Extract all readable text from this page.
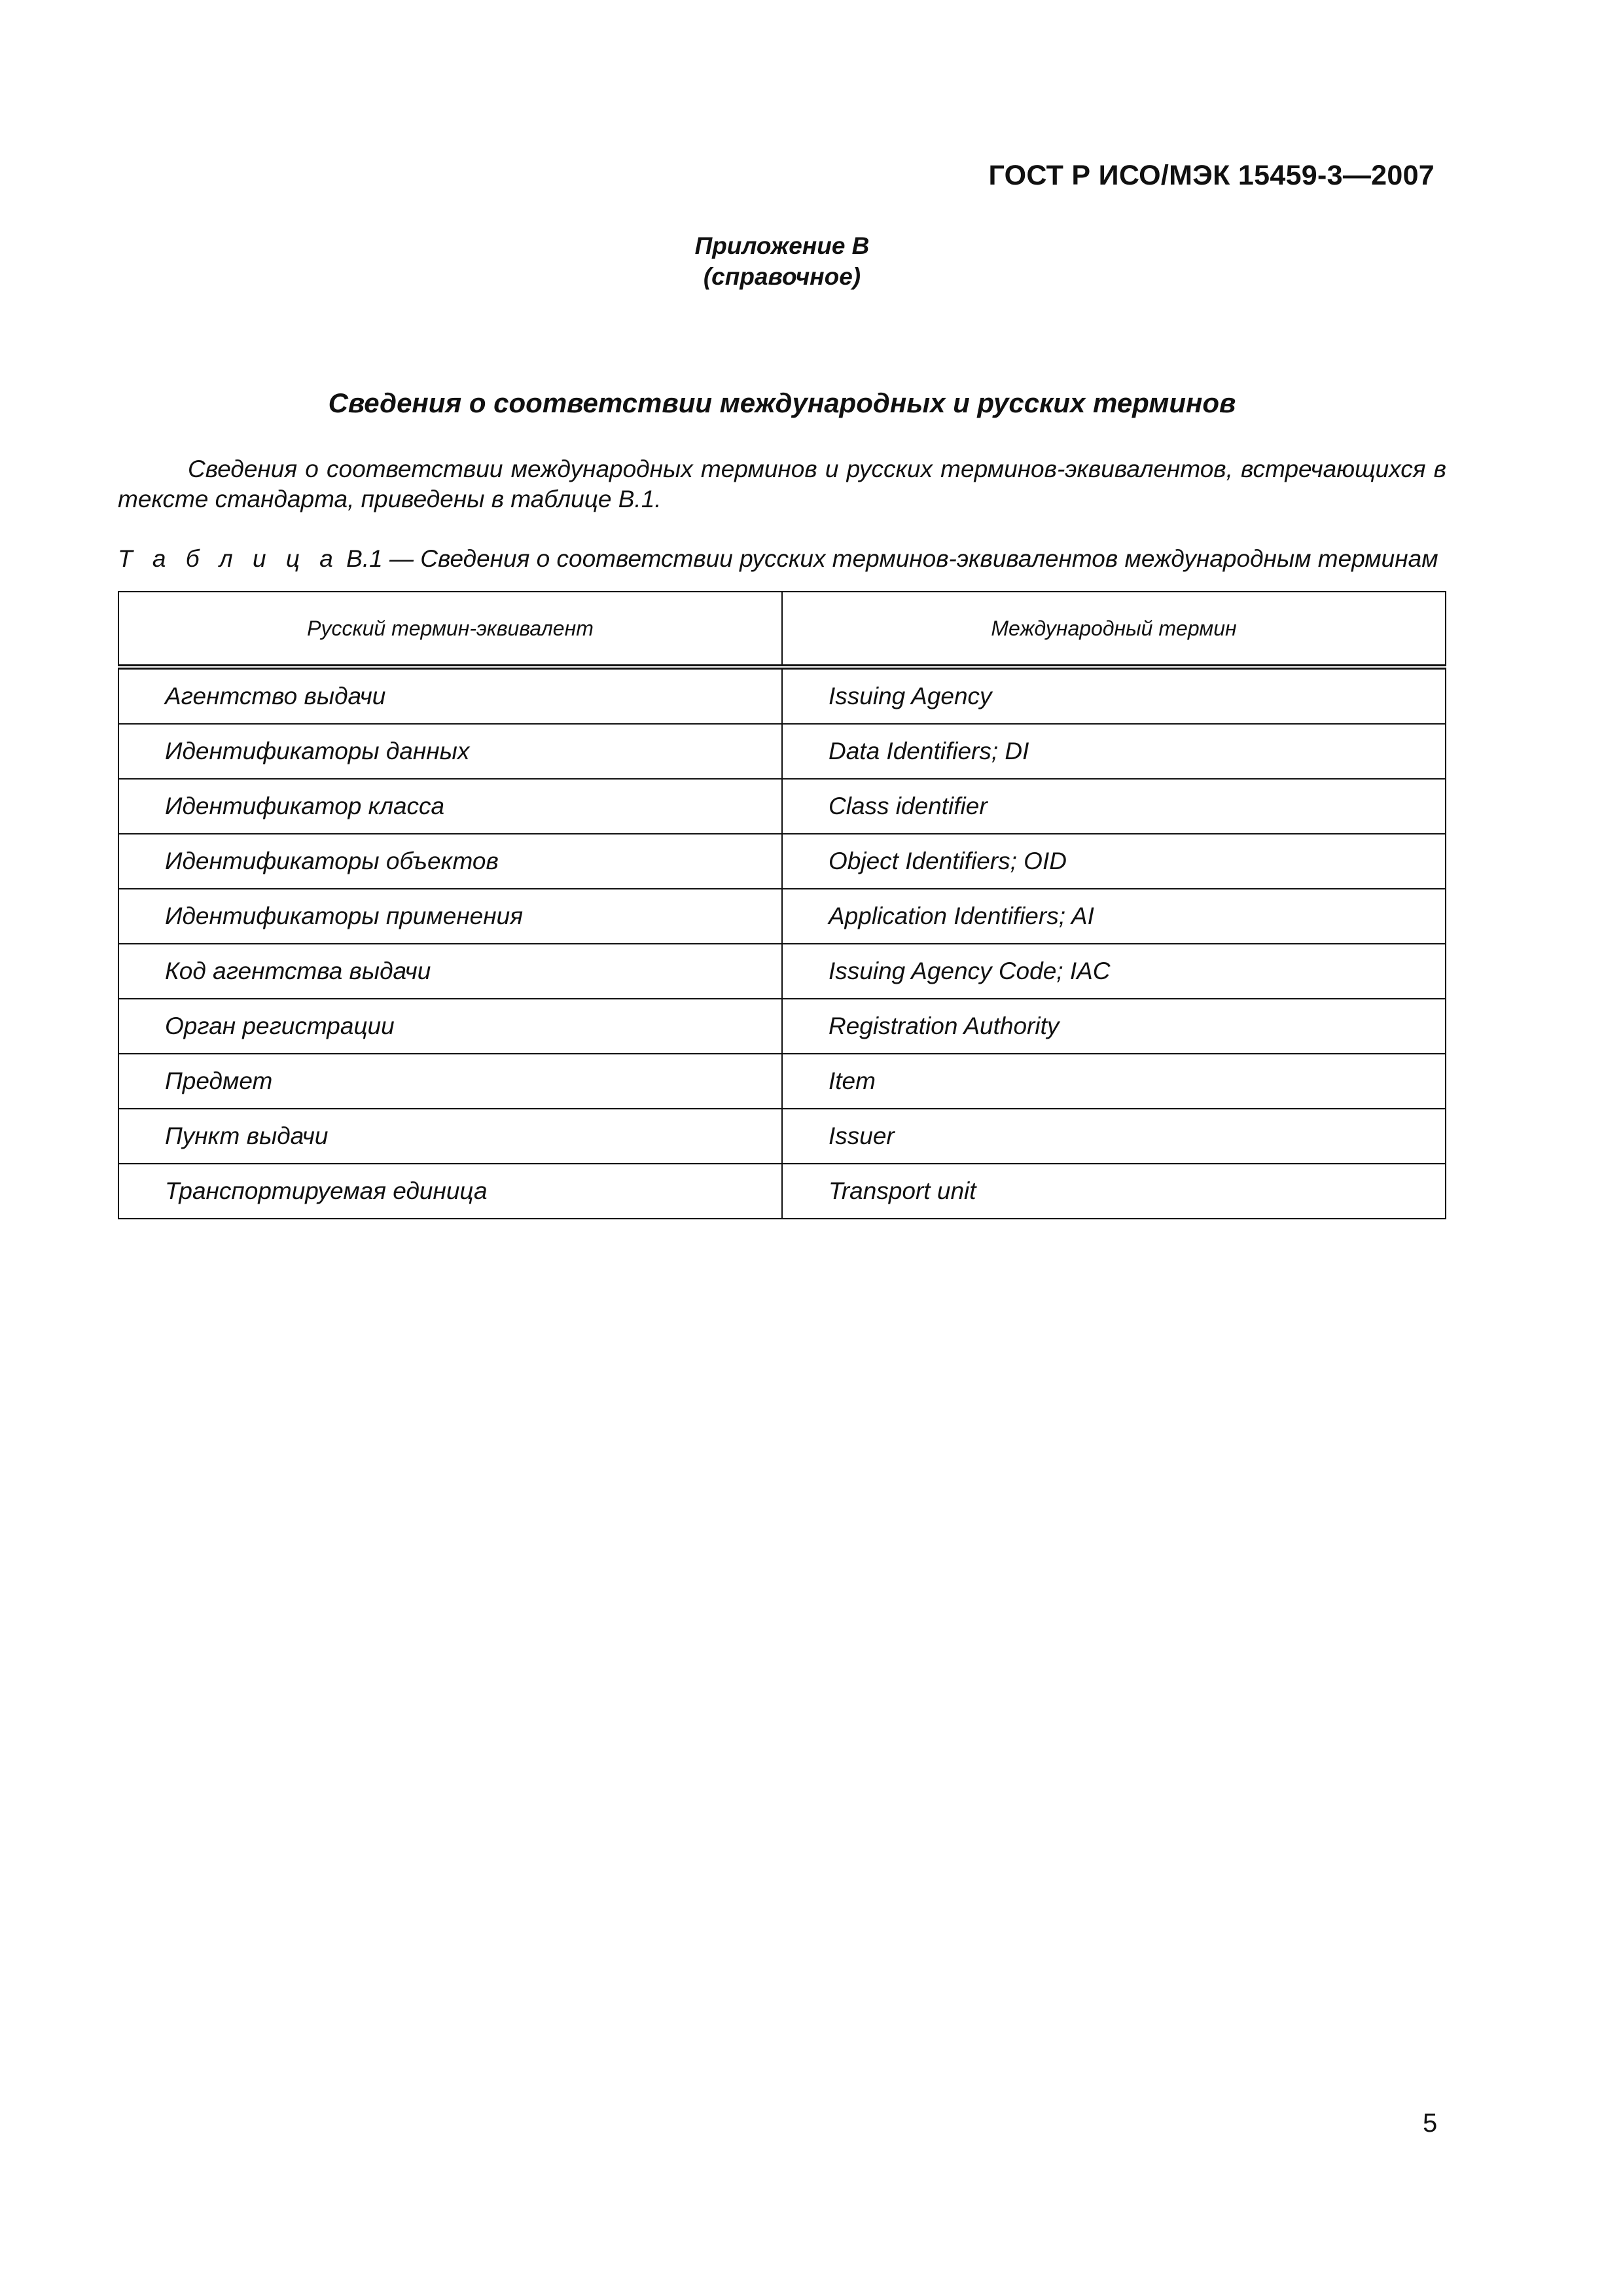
ГОСТ Р ИСО/МЭК 15459-3—2007
Приложение В
(справочное)
Сведения о соответствии международных и русских терминов
Сведения о соответствии международных терминов и русских терминов-эквивалентов, встречающихся в тексте стандарта, приведены в таблице В.1.
Т а б л и ц а В.1 — Сведения о соответствии русских терминов-эквивалентов международным терминам
Русский термин-эквивалент	Международный термин
Агентство выдачи	Issuing Agency
Идентификаторы данных	Data Identifiers; DI
Идентификатор класса	Class identifier
Идентификаторы объектов	Object Identifiers; OID
Идентификаторы применения	Application Identifiers; AI
Код агентства выдачи	Issuing Agency Code; IAC
Орган регистрации	Registration Authority
Предмет	Item
Пункт выдачи	Issuer
Транспортируемая единица	Transport unit
5
